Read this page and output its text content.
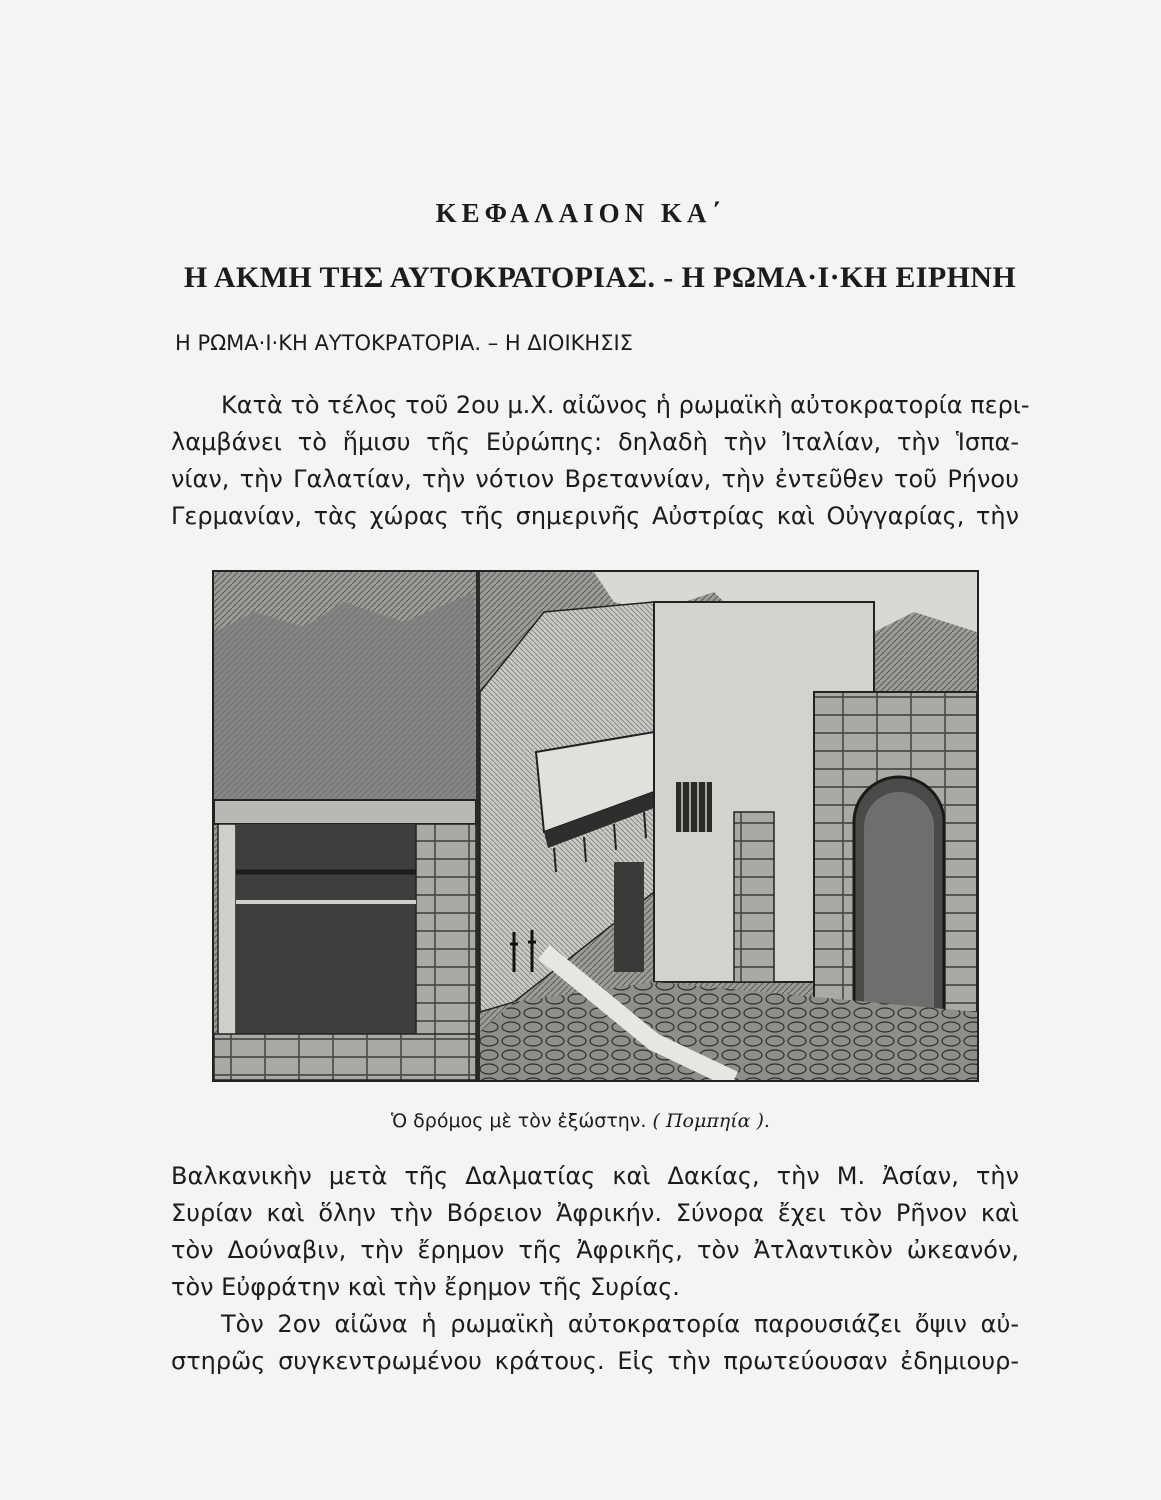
ΚΕΦΑΛΑΙΟΝ ΚΑ΄
Η ΑΚΜΗ ΤΗΣ ΑΥΤΟΚΡΑΤΟΡΙΑΣ. - Η ΡΩΜΑ·Ι·ΚΗ ΕΙΡΗΝΗ
Η ΡΩΜΑ·Ι·ΚΗ ΑΥΤΟΚΡΑΤΟΡΙΑ. – Η ΔΙΟΙΚΗΣΙΣ
Κατὰ τὸ τέλος τοῦ 2ου μ.Χ. αἰῶνος ἡ ρωμαϊκὴ αὐτοκρατορία περι-
λαμβάνει τὸ ἥμισυ τῆς Εὐρώπης: δηλαδὴ τὴν Ἰταλίαν, τὴν Ἱσπα-
νίαν, τὴν Γαλατίαν, τὴν νότιον Βρεταννίαν, τὴν ἐντεῦθεν τοῦ Ρήνου
Γερμανίαν, τὰς χώρας τῆς σημερινῆς Αὐστρίας καὶ Οὐγγαρίας, τὴν
Ὁ δρόμος μὲ τὸν ἐξώστην. ( Πομπηία ).
Βαλκανικὴν μετὰ τῆς Δαλματίας καὶ Δακίας, τὴν Μ. Ἀσίαν, τὴν
Συρίαν καὶ ὅλην τὴν Βόρειον Ἀφρικήν. Σύνορα ἔχει τὸν Ρῆνον καὶ
τὸν Δούναβιν, τὴν ἔρημον τῆς Ἀφρικῆς, τὸν Ἀτλαντικὸν ὠκεανόν,
τὸν Εὐφράτην καὶ τὴν ἔρημον τῆς Συρίας.
Τὸν 2ον αἰῶνα ἡ ρωμαϊκὴ αὐτοκρατορία παρουσιάζει ὄψιν αὐ-
στηρῶς συγκεντρωμένου κράτους. Εἰς τὴν πρωτεύουσαν ἐδημιουρ-
